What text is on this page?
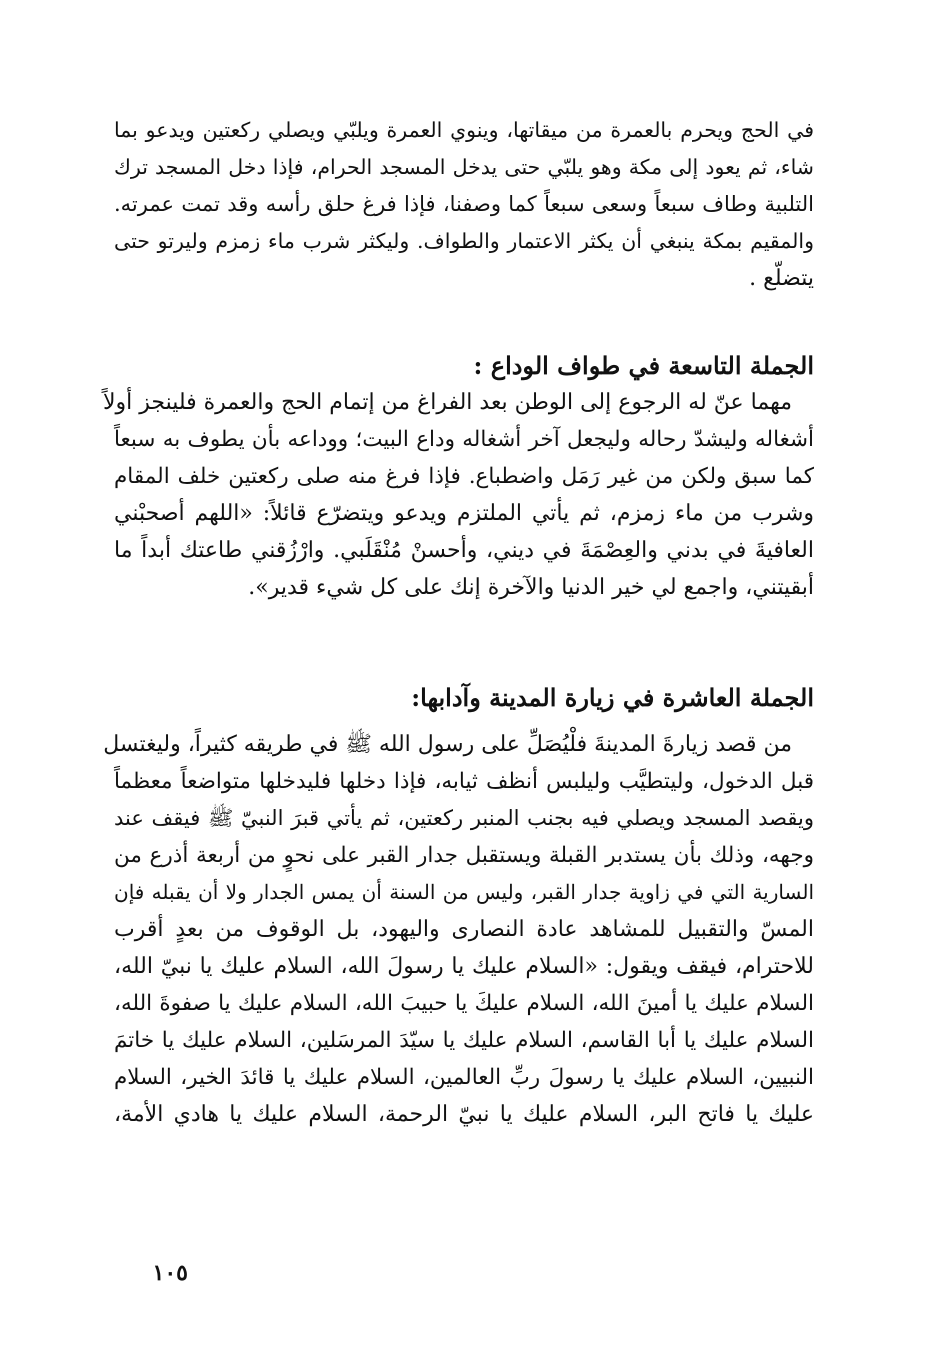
في الحج ويحرم بالعمرة من ميقاتها، وينوي العمرة ويلبّي ويصلي ركعتين ويدعو بما
شاء، ثم يعود إلى مكة وهو يلبّي حتى يدخل المسجد الحرام، فإذا دخل المسجد ترك
التلبية وطاف سبعاً وسعى سبعاً كما وصفنا، فإذا فرغ حلق رأسه وقد تمت عمرته.
والمقيم بمكة ينبغي أن يكثر الاعتمار والطواف. وليكثر شرب ماء زمزم وليرتو حتى
يتضلّع .
الجملة التاسعة في طواف الوداع :
مهما عنّ له الرجوع إلى الوطن بعد الفراغ من إتمام الحج والعمرة فلينجز أولاً
أشغاله وليشدّ رحاله وليجعل آخر أشغاله وداع البيت؛ ووداعه بأن يطوف به سبعاً
كما سبق ولكن من غير رَمَل واضطباع. فإذا فرغ منه صلى ركعتين خلف المقام
وشرب من ماء زمزم، ثم يأتي الملتزم ويدعو ويتضرّع قائلاً: «اللهم أصحبْني
العافيةَ في بدني والعِصْمَةَ في ديني، وأحسنْ مُنْقَلَبي. وارْزُقني طاعتك أبداً ما
أبقيتني، واجمع لي خير الدنيا والآخرة إنك على كل شيء قدير».
الجملة العاشرة في زيارة المدينة وآدابها:
من قصد زيارةَ المدينةَ فلْيُصَلِّ على رسول الله ﷺ في طريقه كثيراً، وليغتسل
قبل الدخول، وليتطيَّب وليلبس أنظف ثيابه، فإذا دخلها فليدخلها متواضعاً معظماً
ويقصد المسجد ويصلي فيه بجنب المنبر ركعتين، ثم يأتي قبرَ النبيّ ﷺ فيقف عند
وجهه، وذلك بأن يستدبر القبلة ويستقبل جدار القبر على نحوٍ من أربعة أذرع من
السارية التي في زاوية جدار القبر، وليس من السنة أن يمس الجدار ولا أن يقبله فإن
المسّ والتقبيل للمشاهد عادة النصارى واليهود، بل الوقوف من بعدٍ أقرب
للاحترام، فيقف ويقول: «السلام عليك يا رسولَ الله، السلام عليك يا نبيّ الله،
السلام عليك يا أمينَ الله، السلام عليكَ يا حبيبَ الله، السلام عليك يا صفوةَ الله،
السلام عليك يا أبا القاسم، السلام عليك يا سيّدَ المرسَلين، السلام عليك يا خاتمَ
النبيين، السلام عليك يا رسولَ ربِّ العالمين، السلام عليك يا قائدَ الخير، السلام
عليك يا فاتح البر، السلام عليك يا نبيّ الرحمة، السلام عليك يا هادي الأمة،
١٠٥
